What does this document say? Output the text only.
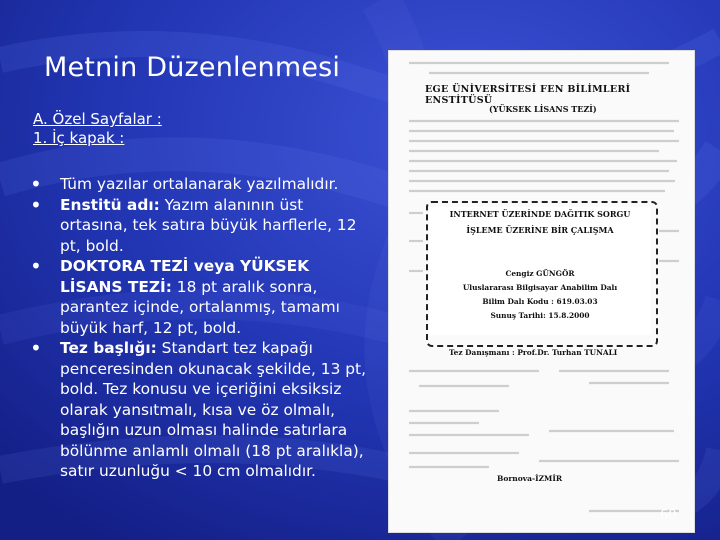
Metnin Düzenlenmesi
A. Özel Sayfalar :
1. İç kapak :
• Tüm yazılar ortalanarak yazılmalıdır.
• Enstitü adı: Yazım alanının üst ortasına, tek satıra büyük harflerle, 12 pt, bold.
• DOKTORA TEZİ veya YÜKSEK LİSANS TEZİ: 18 pt aralık sonra, parantez içinde, ortalanmış, tamamı büyük harf, 12 pt, bold.
• Tez başlığı: Standart tez kapağı penceresinden okunacak şekilde, 13 pt, bold. Tez konusu ve içeriğini eksiksiz olarak yansıtmalı, kısa ve öz olmalı, başlığın uzun olması halinde satırlara bölünme anlamlı olmalı (18 pt aralıkla), satır uzunluğu < 10 cm olmalıdır.
EGE ÜNİVERSİTESİ FEN BİLİMLERİ ENSTİTÜSÜ
(YÜKSEK LİSANS TEZİ)
INTERNET ÜZERİNDE DAĞITIK SORGU
İŞLEME ÜZERİNE BİR ÇALIŞMA
Cengiz GÜNGÖR
Uluslararası Bilgisayar Anabilim Dalı
Bilim Dalı Kodu : 619.03.03
Sunuş Tarihi: 15.8.2000
Tez Danışmanı : Prof.Dr. Turhan TUNALI
Bornova-İZMİR
60
